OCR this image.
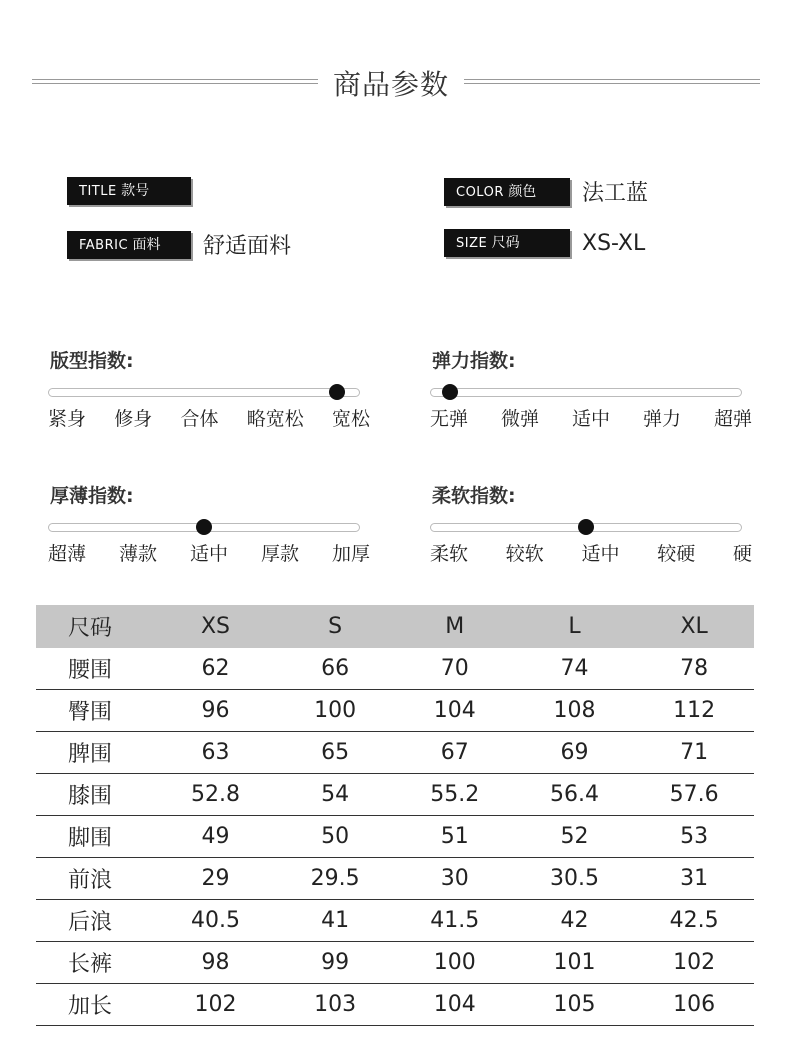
商品参数
TITLE 款号	COLOR 颜色	法工蓝
FABRIC 面料	舒适面料	SIZE 尺码	XS-XL
版型指数:
紧身 修身 合体 略宽松 宽松
弹力指数:
无弹 微弹 适中 弹力 超弹
厚薄指数:
超薄 薄款 适中 厚款 加厚
柔软指数:
柔软 较软 适中 较硬 硬
尺码	XS	S	M	L	XL
腰围	62	66	70	74	78
臀围	96	100	104	108	112
脾围	63	65	67	69	71
膝围	52.8	54	55.2	56.4	57.6
脚围	49	50	51	52	53
前浪	29	29.5	30	30.5	31
后浪	40.5	41	41.5	42	42.5
长裤	98	99	100	101	102
加长	102	103	104	105	106
